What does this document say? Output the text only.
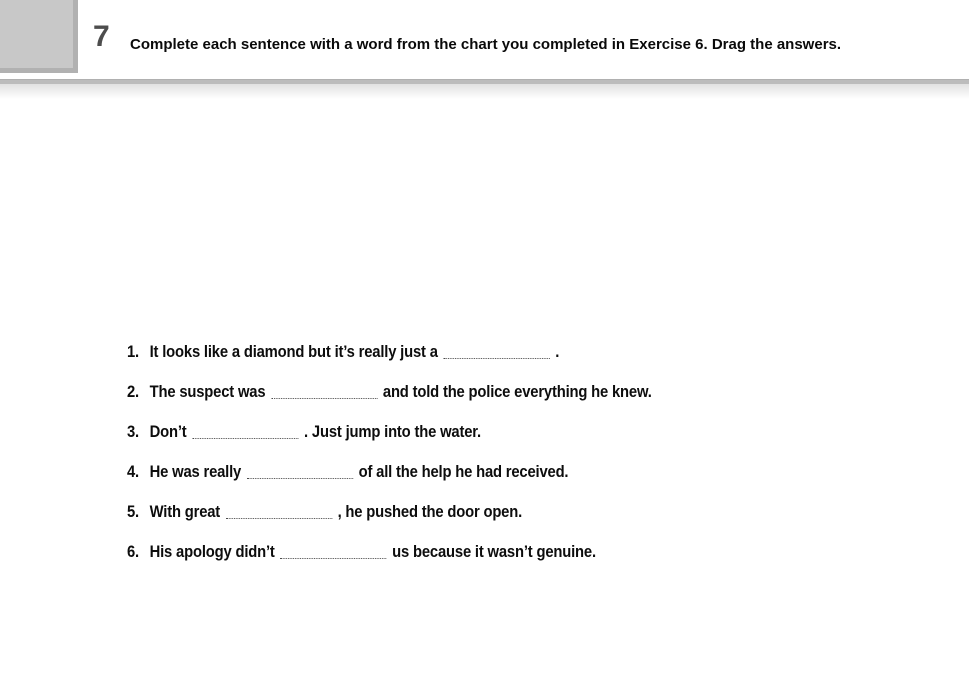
7 Complete each sentence with a word from the chart you completed in Exercise 6. Drag the answers.
1. It looks like a diamond but it’s really just a	.
2. The suspect was	and told the police everything he knew.
3. Don’t	. Just jump into the water.
4. He was really	of all the help he had received.
5. With great	, he pushed the door open.
6. His apology didn’t	us because it wasn’t genuine.
